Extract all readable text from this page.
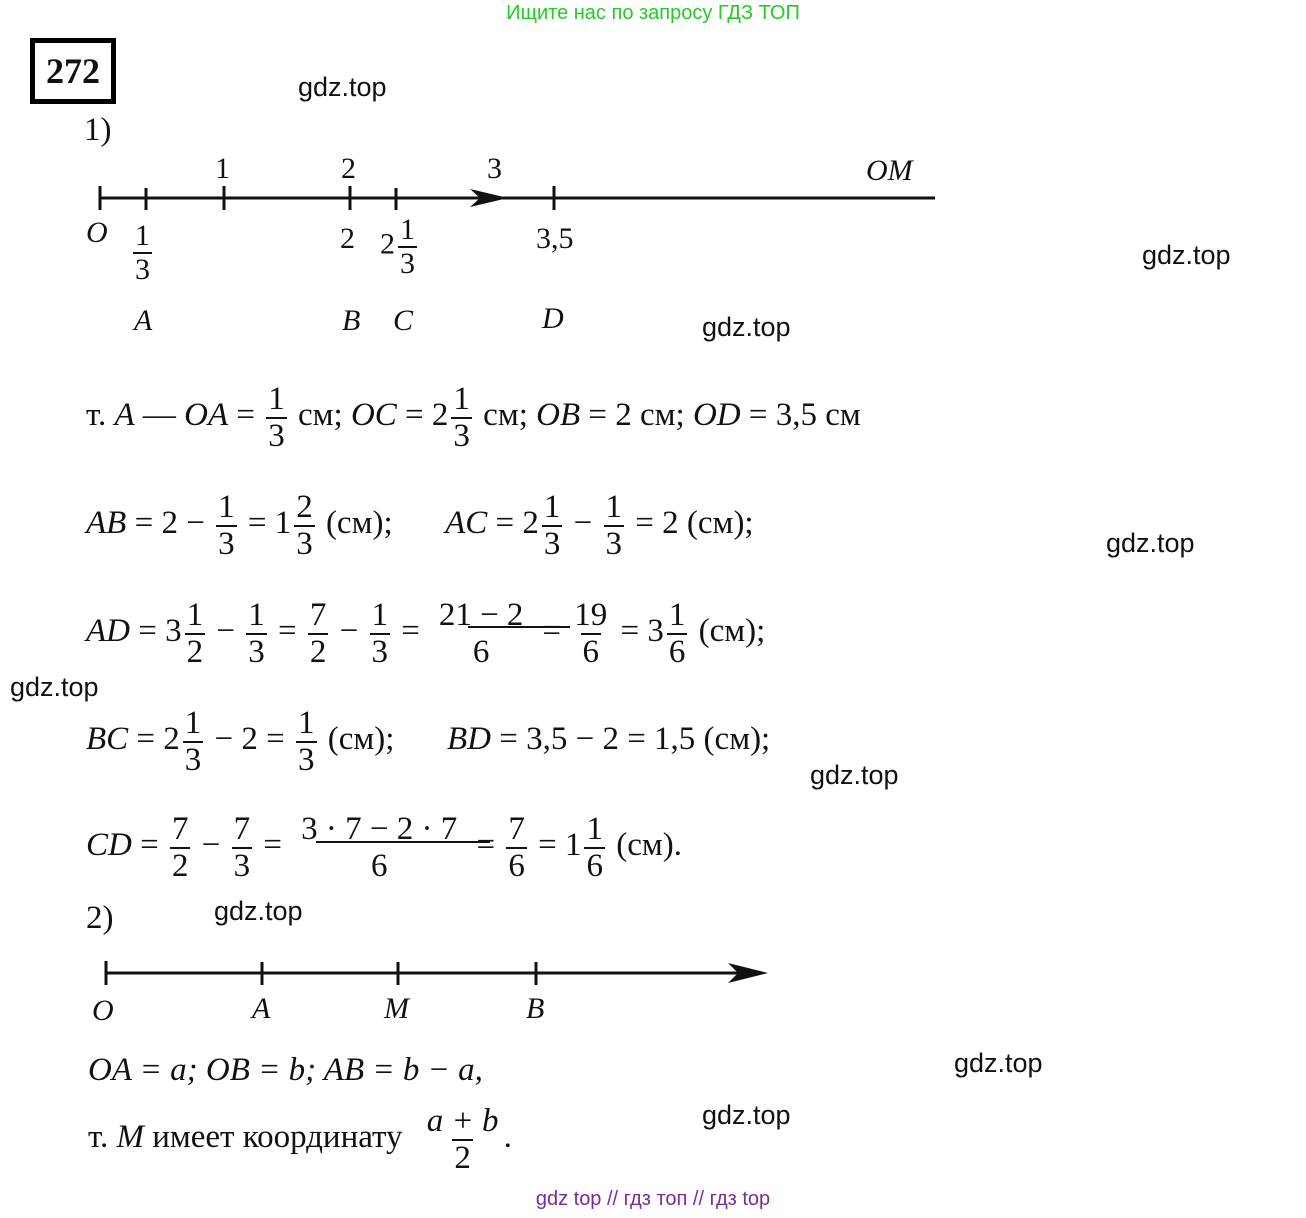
Ищите нас по запросу ГДЗ ТОП
272	gdz.top
gdz.top
gdz.top
gdz.top
gdz.top
gdz.top
gdz.top
gdz.top
gdz.top
1)
1	2	3	OM
O $\frac{1}{3}$	2 $2 \frac{1}{3}$	3,5
A	B C	D
т. A — OA = $\frac{1}{3}$ см; OC = $2 \frac{1}{3}$ см; OB = 2 см; OD = 3,5 см
AB = $2 - \frac{1}{3} = 1 \frac{2}{3} (см)$; AC = $2 \frac{1}{3} - \frac{1}{3} = 2$ (см);
AD = $3 \frac{1}{2} - \frac{1}{3} = \frac{7}{2} - \frac{1}{3} = 21 - 2$
6
= $\frac{19}{6} = 3 \frac{1}{6} (см)$;
BC = $2 \frac{1}{3} - 2 = \frac{1}{3} (см)$; BD = 3,5 − 2 = 1,5 (см);
CD = $\frac{7}{2} - \frac{7}{3} = 3 \cdot 7 - 2 \cdot 7$
6
= $\frac{7}{6} = 1 \frac{1}{6} (см)$.
2)
O	A	M	B
OA = a; OB = b; AB = b − a,
т. M имеет координату $\frac{a + b}{2}$ .
gdz top // гдз топ // гдз top
